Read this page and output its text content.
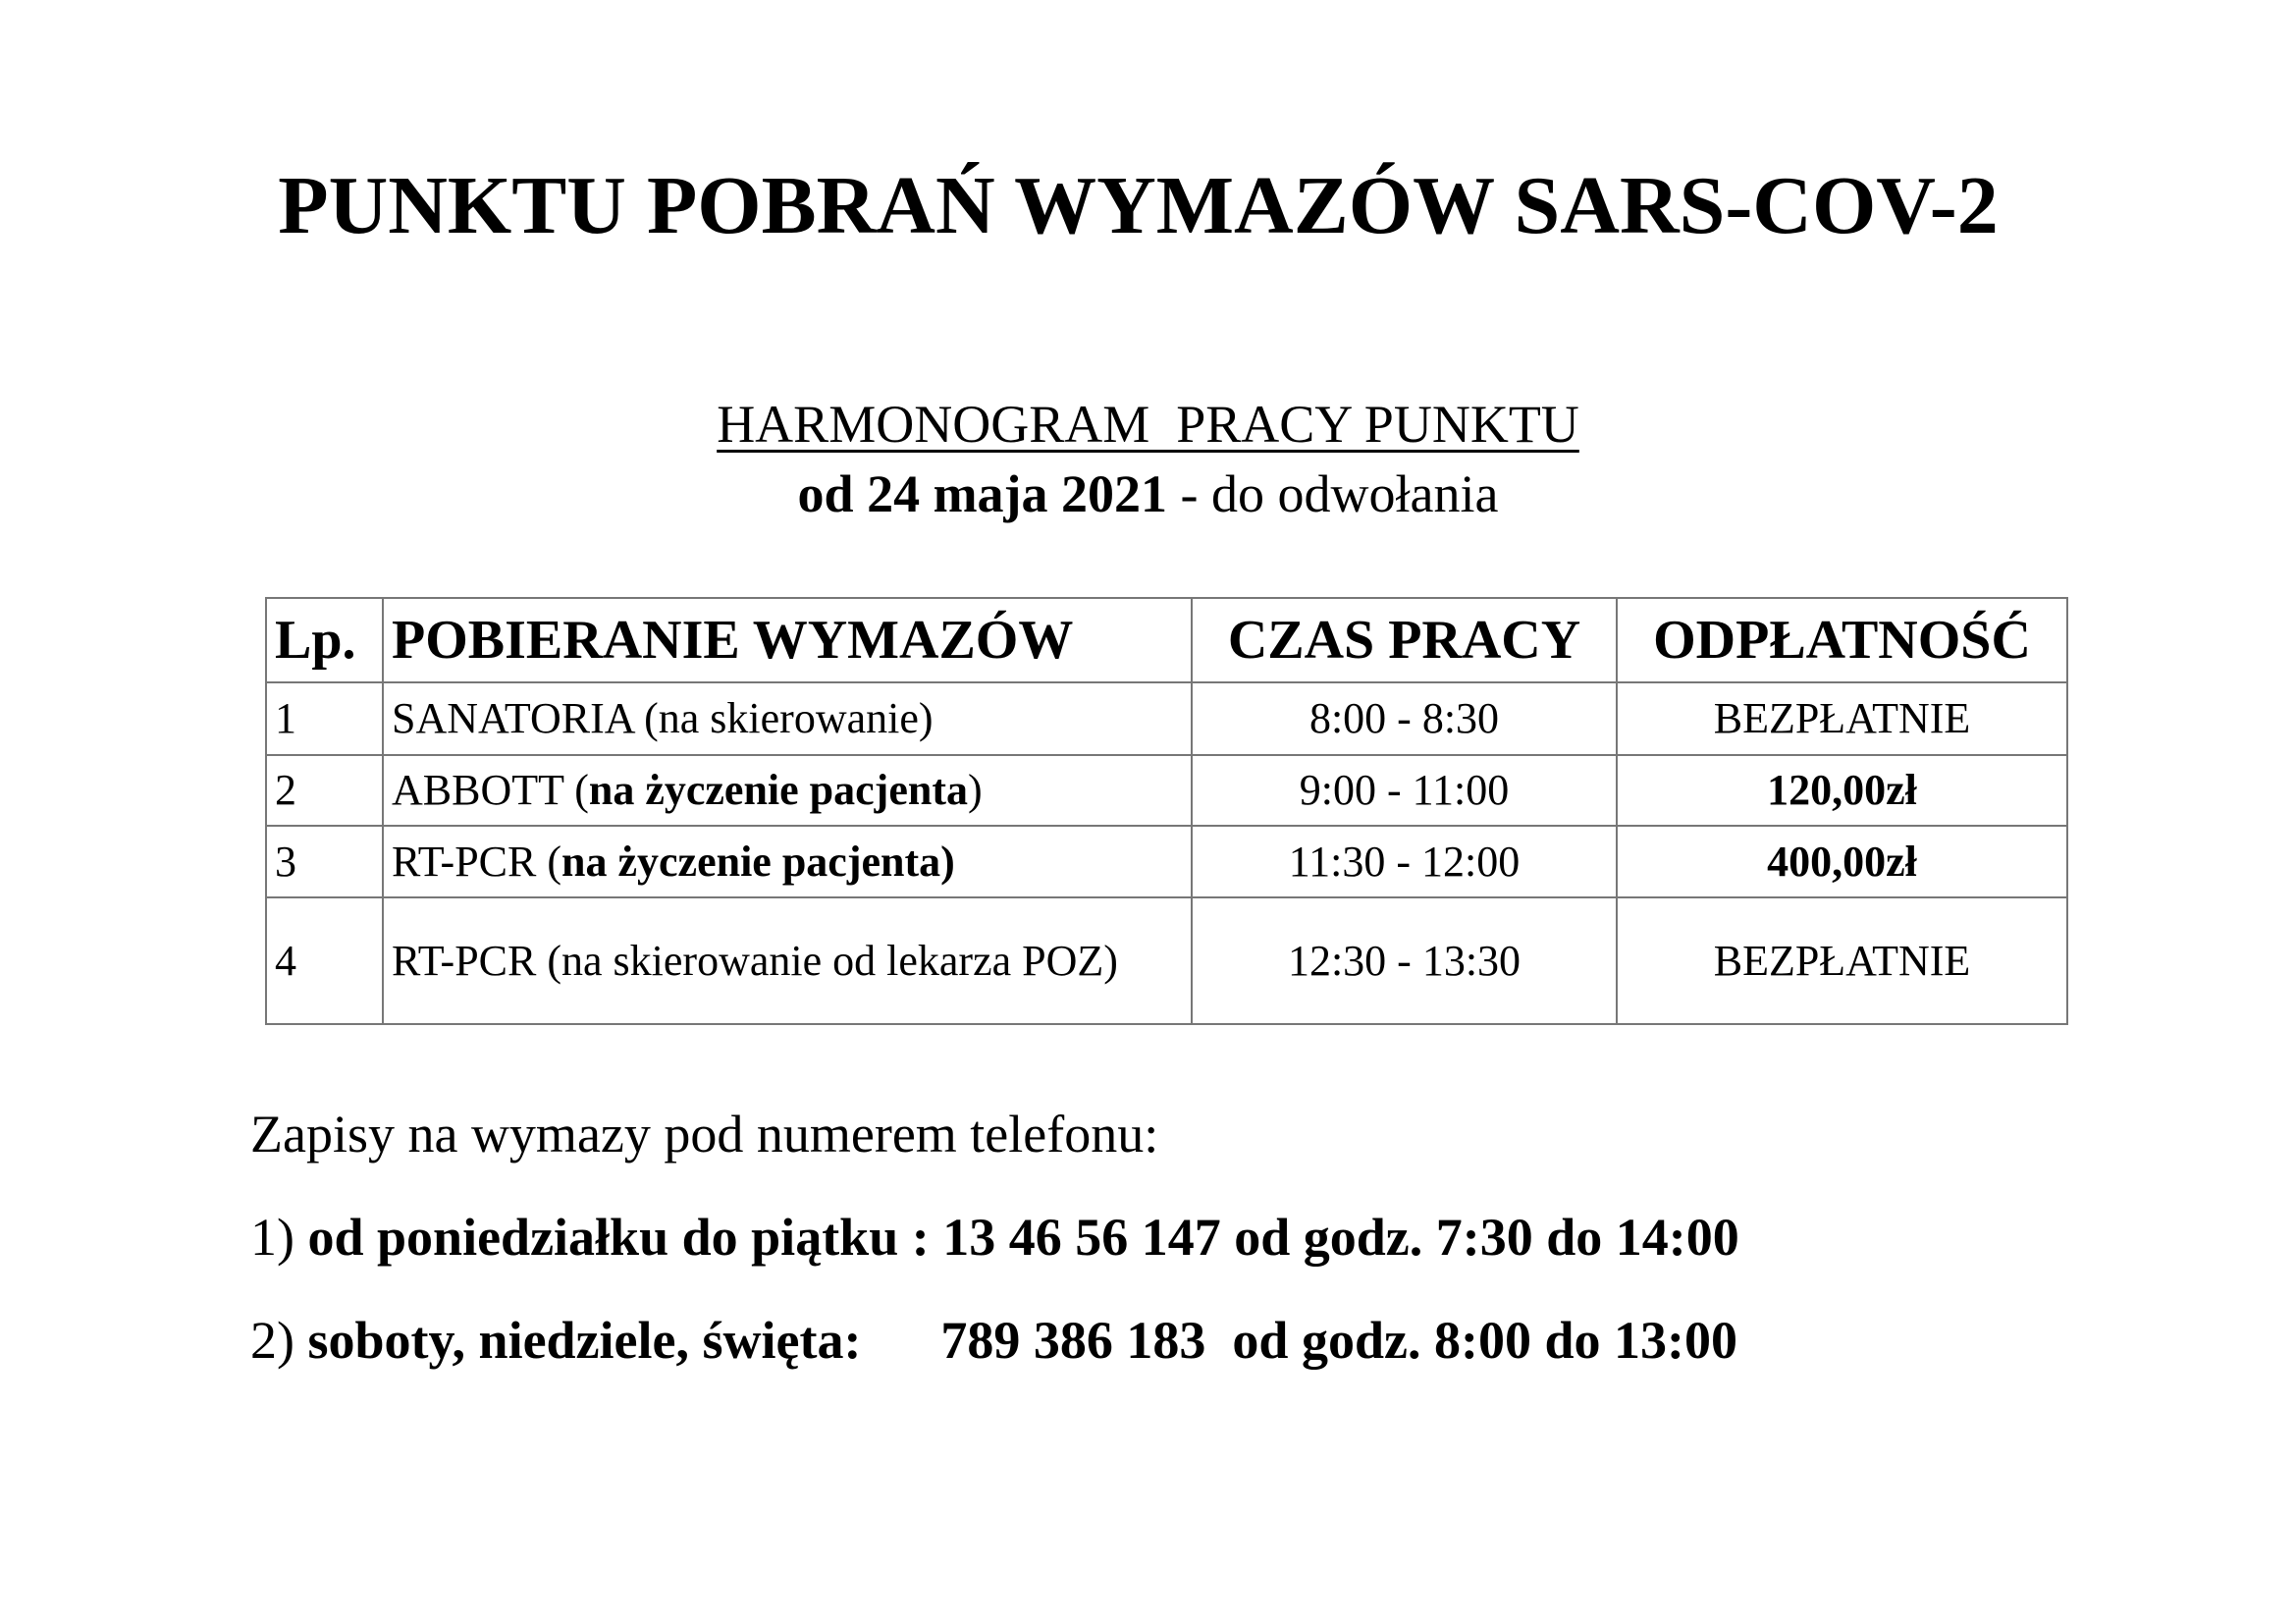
PUNKTU POBRAŃ WYMAZÓW SARS-COV-2
HARMONOGRAM  PRACY PUNKTU
od 24 maja 2021 - do odwołania
Lp.	POBIERANIE WYMAZÓW	CZAS PRACY	ODPŁATNOŚĆ
1	SANATORIA (na skierowanie)	8:00 - 8:30	BEZPŁATNIE
2	ABBOTT (na życzenie pacjenta)	9:00 - 11:00	120,00zł
3	RT-PCR (na życzenie pacjenta)	11:30 - 12:00	400,00zł
4	RT-PCR (na skierowanie od lekarza POZ)	12:30 - 13:30	BEZPŁATNIE
Zapisy na wymazy pod numerem telefonu:
1) od poniedziałku do piątku : 13 46 56 147 od godz. 7:30 do 14:00
2) soboty, niedziele, święta:      789 386 183  od godz. 8:00 do 13:00
